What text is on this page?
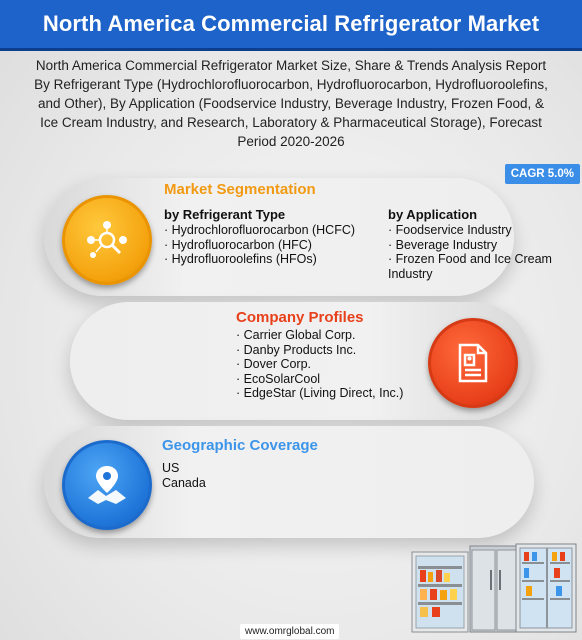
North America Commercial Refrigerator Market
North America Commercial Refrigerator Market Size, Share & Trends Analysis Report By Refrigerant Type (Hydrochlorofluorocarbon, Hydrofluorocarbon, Hydrofluoroolefins, and Other), By Application (Foodservice Industry, Beverage Industry, Frozen Food, & Ice Cream Industry, and Research, Laboratory & Pharmaceutical Storage), Forecast Period 2020-2026
CAGR 5.0%
Market Segmentation
by Refrigerant Type
· Hydrochlorofluorocarbon (HCFC)
· Hydrofluorocarbon (HFC)
· Hydrofluoroolefins (HFOs)
by Application
· Foodservice Industry
· Beverage Industry
· Frozen Food and Ice Cream Industry
Company Profiles
· Carrier Global Corp.
· Danby Products Inc.
· Dover Corp.
· EcoSolarCool
· EdgeStar (Living Direct, Inc.)
Geographic Coverage
US
Canada
www.omrglobal.com
